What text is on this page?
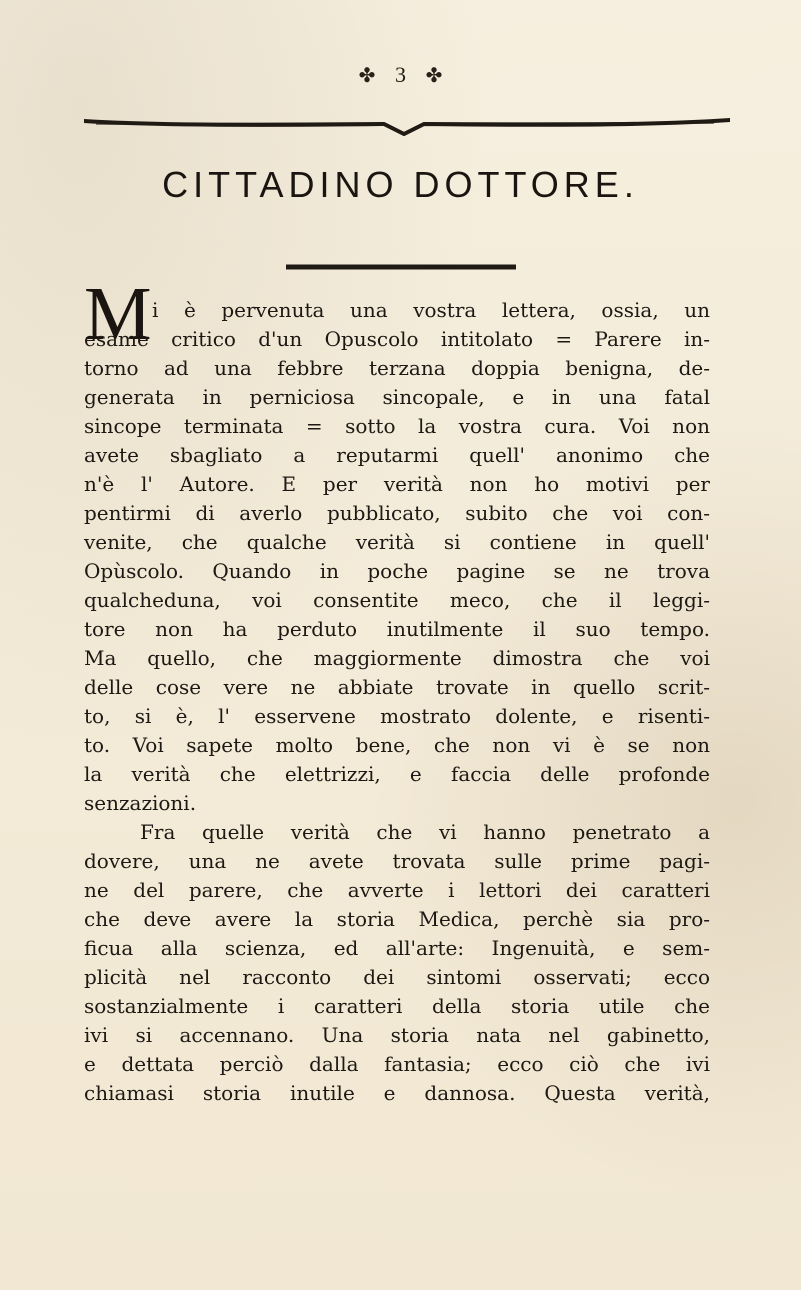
✤ 3 ✤
CITTADINO DOTTORE.
M i è pervenuta una vostra lettera, ossia, un
esame critico d'un Opuscolo intitolato = Parere in-
torno ad una febbre terzana doppia benigna, de-
generata in perniciosa sincopale, e in una fatal
sincope terminata = sotto la vostra cura. Voi non
avete sbagliato a reputarmi quell' anonimo che
n'è l' Autore. E per verità non ho motivi per
pentirmi di averlo pubblicato, subito che voi con-
venite, che qualche verità si contiene in quell'
Opùscolo. Quando in poche pagine se ne trova
qualcheduna, voi consentite meco, che il leggi-
tore non ha perduto inutilmente il suo tempo.
Ma quello, che maggiormente dimostra che voi
delle cose vere ne abbiate trovate in quello scrit-
to, si è, l' esservene mostrato dolente, e risenti-
to. Voi sapete molto bene, che non vi è se non
la verità che elettrizzi, e faccia delle profonde
senzazioni.
Fra quelle verità che vi hanno penetrato a
dovere, una ne avete trovata sulle prime pagi-
ne del parere, che avverte i lettori dei caratteri
che deve avere la storia Medica, perchè sia pro-
ficua alla scienza, ed all'arte: Ingenuità, e sem-
plicità nel racconto dei sintomi osservati; ecco
sostanzialmente i caratteri della storia utile che
ivi si accennano. Una storia nata nel gabinetto,
e dettata perciò dalla fantasia; ecco ciò che ivi
chiamasi storia inutile e dannosa. Questa verità,
